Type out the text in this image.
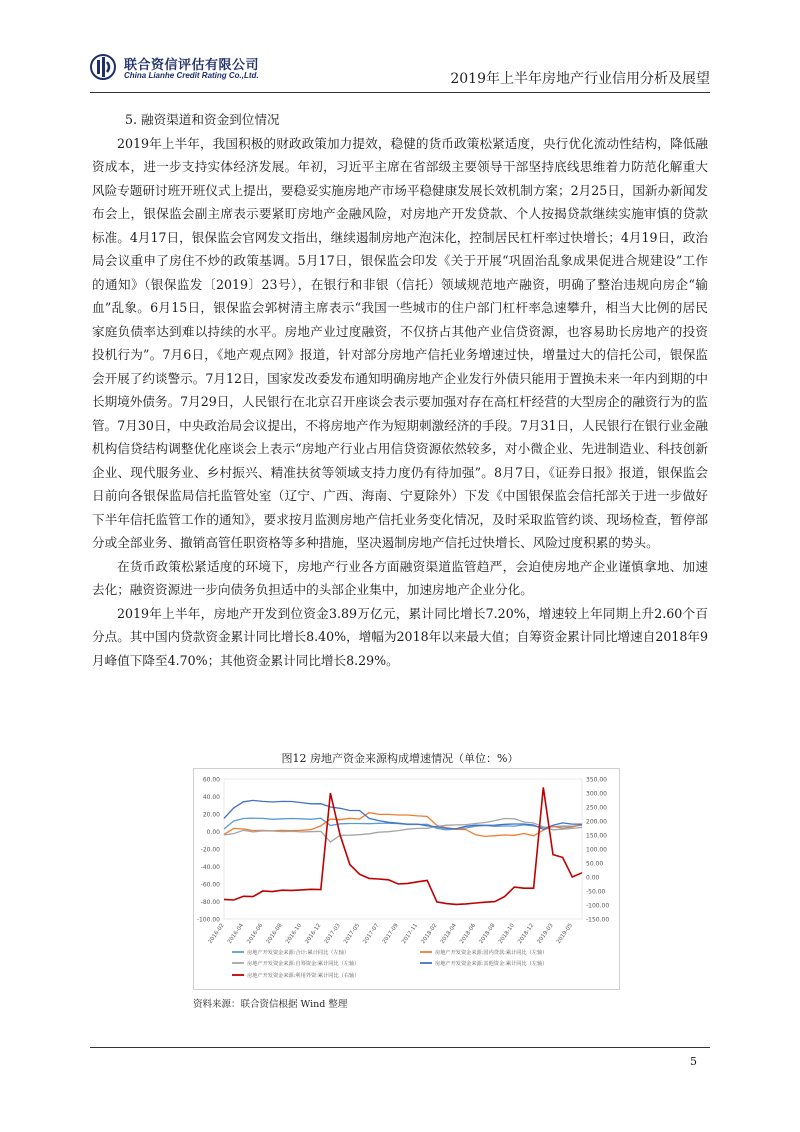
联合资信评估有限公司
China Lianhe Credit Rating Co.,Ltd.	2019年上半年房地产行业信用分析及展望

5. 融资渠道和资金到位情况

2019年上半年，我国积极的财政政策加力提效，稳健的货币政策松紧适度，央行优化流动性结构，降低融资成本，进一步支持实体经济发展。年初，习近平主席在省部级主要领导干部坚持底线思维着力防范化解重大风险专题研讨班开班仪式上提出，要稳妥实施房地产市场平稳健康发展长效机制方案；2月25日，国新办新闻发布会上，银保监会副主席表示要紧盯房地产金融风险，对房地产开发贷款、个人按揭贷款继续实施审慎的贷款标准。4月17日，银保监会官网发文指出，继续遏制房地产泡沫化，控制居民杠杆率过快增长；4月19日，政治局会议重申了房住不炒的政策基调。5月17日，银保监会印发《关于开展“巩固治乱象成果促进合规建设”工作的通知》（银保监发〔2019〕23号），在银行和非银（信托）领域规范地产融资，明确了整治违规向房企“输血”乱象。6月15日，银保监会郭树清主席表示“我国一些城市的住户部门杠杆率急速攀升，相当大比例的居民家庭负债率达到难以持续的水平。房地产业过度融资，不仅挤占其他产业信贷资源，也容易助长房地产的投资投机行为”。7月6日，《地产观点网》报道，针对部分房地产信托业务增速过快，增量过大的信托公司，银保监会开展了约谈警示。7月12日，国家发改委发布通知明确房地产企业发行外债只能用于置换未来一年内到期的中长期境外债务。7月29日，人民银行在北京召开座谈会表示要加强对存在高杠杆经营的大型房企的融资行为的监管。7月30日，中央政治局会议提出，不将房地产作为短期刺激经济的手段。7月31日，人民银行在银行业金融机构信贷结构调整优化座谈会上表示“房地产行业占用信贷资源依然较多，对小微企业、先进制造业、科技创新企业、现代服务业、乡村振兴、精准扶贫等领域支持力度仍有待加强”。8月7日，《证券日报》报道，银保监会日前向各银保监局信托监管处室（辽宁、广西、海南、宁夏除外）下发《中国银保监会信托部关于进一步做好下半年信托监管工作的通知》，要求按月监测房地产信托业务变化情况，及时采取监管约谈、现场检查，暂停部分或全部业务、撤销高管任职资格等多种措施，坚决遏制房地产信托过快增长、风险过度积累的势头。

在货币政策松紧适度的环境下，房地产行业各方面融资渠道监管趋严，会迫使房地产企业谨慎拿地、加速去化；融资资源进一步向债务负担适中的头部企业集中，加速房地产企业分化。

2019年上半年，房地产开发到位资金3.89万亿元，累计同比增长7.20%，增速较上年同期上升2.60个百分点。其中国内贷款资金累计同比增长8.40%，增幅为2018年以来最大值；自筹资金累计同比增速自2018年9月峰值下降至4.70%；其他资金累计同比增长8.29%。

图12 房地产资金来源构成增速情况（单位：%）
60.00
40.00
20.00
0.00
-20.00
-40.00
-60.00
-80.00
-100.00
350.00
300.00
250.00
200.00
150.00
100.00
50.00
0.00
-50.00
-100.00
-150.00
2016-02 2016-04 2016-06 2016-08 2016-10 2016-12 2017-03 2017-05 2017-07 2017-09 2017-11 2018-02 2018-04 2018-06 2018-08 2018-10 2018-12 2019-03 2019-05
房地产开发资金来源:合计:累计同比（左轴）	房地产开发资金来源:国内贷款:累计同比（左轴）
房地产开发资金来源:自筹资金:累计同比（左轴）	房地产开发资金来源:其他资金:累计同比（左轴）
房地产开发资金来源:利用外资:累计同比（右轴）
资料来源：联合资信根据 Wind 整理
5
